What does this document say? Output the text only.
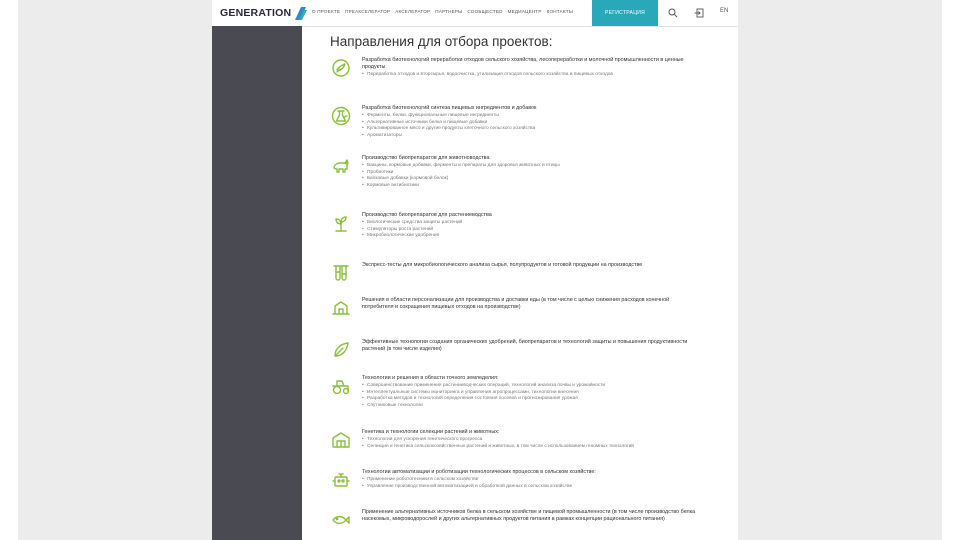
GENERATION	О ПРОЕКТЕ ПРЕАКСЕЛЕРАТОР АКСЕЛЕРАТОР ПАРТНЕРЫ СООБЩЕСТВО МЕДИАЦЕНТР КОНТАКТЫ	РЕГИСТРАЦИЯ	EN
Направления для отбора проектов:
Разработка биотехнологий переработки отходов сельского хозяйства, лесопереработки и молочной промышленности в ценные продукты
• Переработка отходов и вторсырья, водоочистка, утилизация отходов сельского хозяйства и пищевых отходов
Разработка биотехнологий синтеза пищевых ингредиентов и добавок
• Ферменты, белки, функциональные пищевые ингредиенты
• Альтернативные источники белка и пищевые добавки
• Культивированное мясо и другие продукты клеточного сельского хозяйства
• Ароматизаторы
Производство биопрепаратов для животноводства
• Вакцины, кормовые добавки, ферменты и препараты для здоровья животных и птицы
• Пробиотики
• Белковые добавки (кормовой белок)
• Кормовые антибиотики
Производство биопрепаратов для растениеводства
• Биологические средства защиты растений
• Стимуляторы роста растений
• Микробиологические удобрения
Экспресс-тесты для микробиологического анализа сырья, полупродуктов и готовой продукции на производстве
Решения в области персонализации для производства и доставки еды (в том числе с целью снижения расходов конечной потребителя и сокращения пищевых отходов на производстве)
Эффективные технологии создания органических удобрений, биопрепаратов и технологий защиты и повышения продуктивности растений (в том числе изделия)
Технологии и решения в области точного земледелия:
• Совершенствование применения растениеводческих операций, технологий анализа почвы и урожайности
• Интеллектуальные системы мониторинга и управления агропроцессами, технологии внесения
• Разработка методов и технологий определения состояния посевов и прогнозирования урожая
• Спутниковые технологии
Генетика и технологии селекции растений и животных:
• Технологии для ускорения генетического прогресса
• Селекция и генетика сельскохозяйственных растений и животных, в том числе с использованием геномных технологий
Технологии автоматизации и роботизации технологических процессов в сельском хозяйстве:
• Применение робототехники в сельском хозяйстве
• Управление производственной автоматизацией и обработкой данных в сельском хозяйстве
Применение альтернативных источников белка в сельском хозяйстве и пищевой промышленности (в том числе производство белка насекомых, микроводорослей и других альтернативных продуктов питания в рамках концепции рационального питания)
